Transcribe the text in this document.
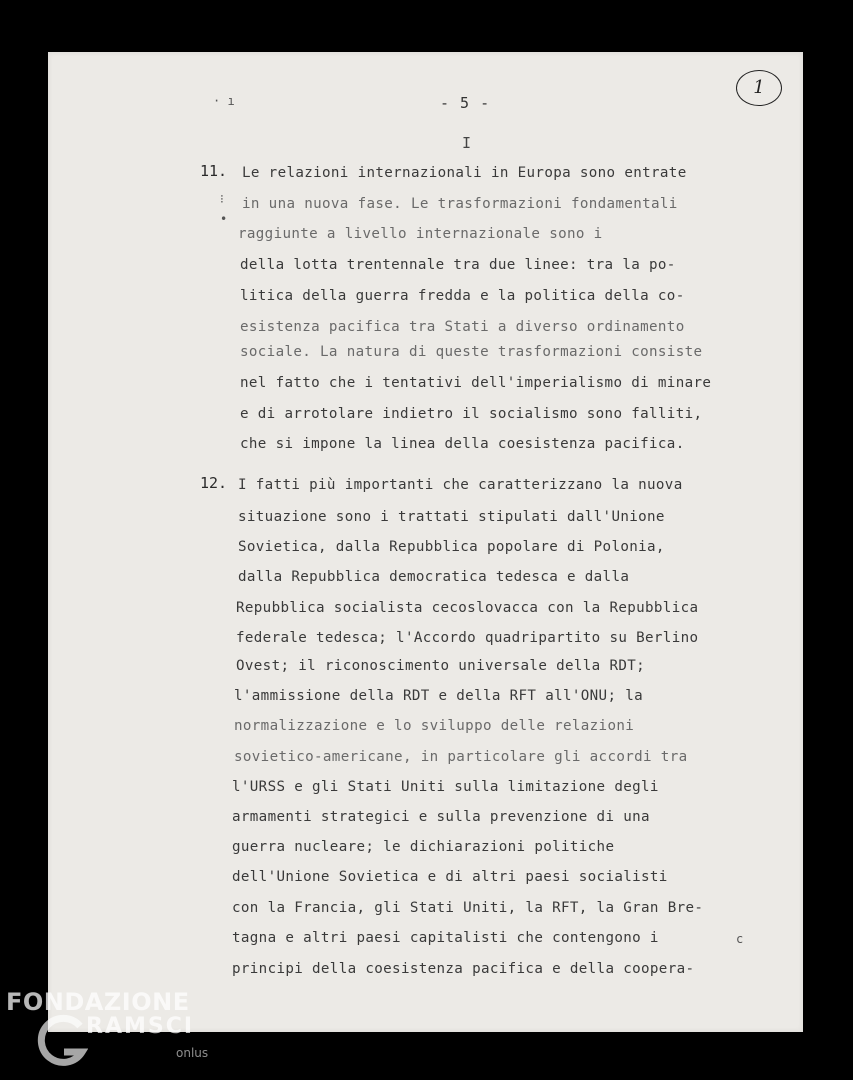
· ı	- 5 -
1
I
⁝
•
c
11. Le relazioni internazionali in Europa sono entrate
in una nuova fase. Le trasformazioni fondamentali
raggiunte a livello internazionale sono i
della lotta trentennale tra due linee: tra la po-
litica della guerra fredda e la politica della co-
esistenza pacifica tra Stati a diverso ordinamento
sociale. La natura di queste trasformazioni consiste
nel fatto che i tentativi dell'imperialismo di minare
e di arrotolare indietro il socialismo sono falliti,
che si impone la linea della coesistenza pacifica.
12. I fatti più importanti che caratterizzano la nuova
situazione sono i trattati stipulati dall'Unione
Sovietica, dalla Repubblica popolare di Polonia,
dalla Repubblica democratica tedesca e dalla
Repubblica socialista cecoslovacca con la Repubblica
federale tedesca; l'Accordo quadripartito su Berlino
Ovest; il riconoscimento universale della RDT;
l'ammissione della RDT e della RFT all'ONU; la
normalizzazione e lo sviluppo delle relazioni
sovietico-americane, in particolare gli accordi tra
l'URSS e gli Stati Uniti sulla limitazione degli
armamenti strategici e sulla prevenzione di una
guerra nucleare; le dichiarazioni politiche
dell'Unione Sovietica e di altri paesi socialisti
con la Francia, gli Stati Uniti, la RFT, la Gran Bre-
tagna e altri paesi capitalisti che contengono i
principi della coesistenza pacifica e della coopera-
FONDAZIONE
RAMSCI
onlus
